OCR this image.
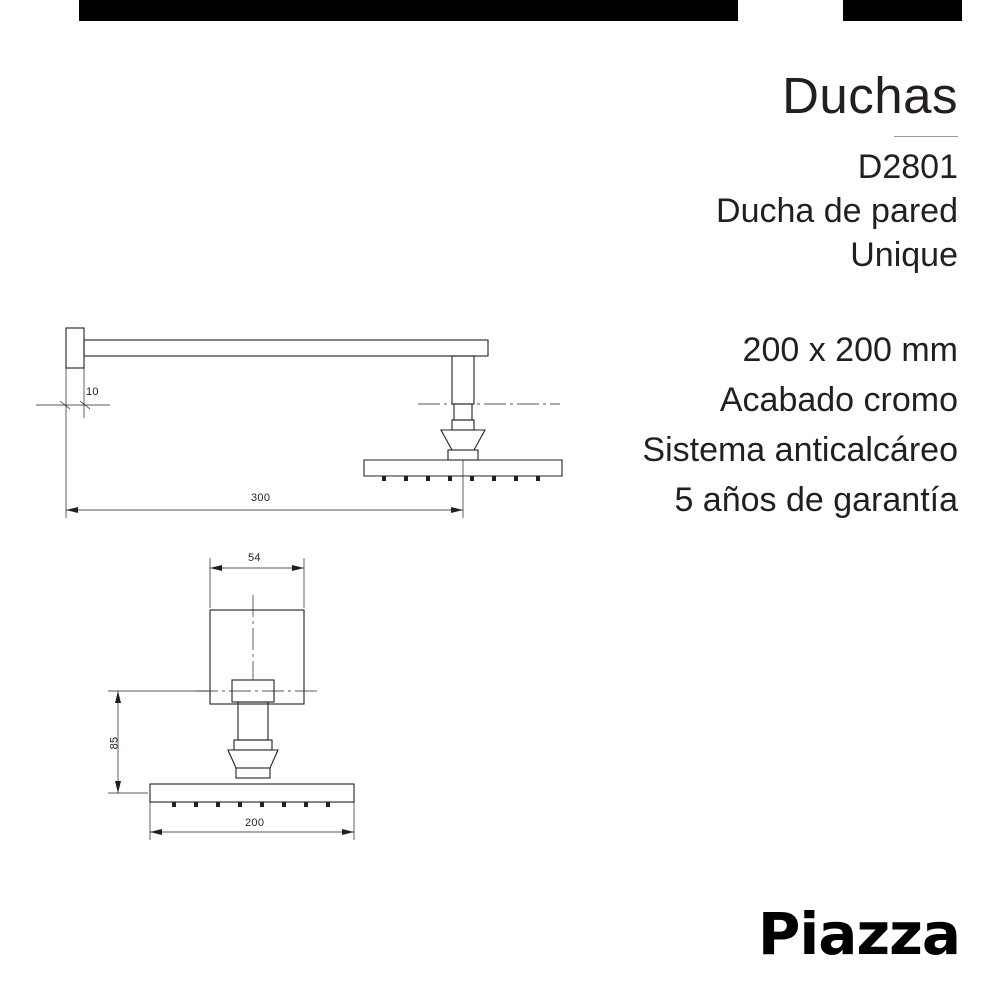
Duchas
D2801
Ducha de pared
Unique
200 x 200 mm
Acabado cromo
Sistema anticalcáreo
5 años de garantía
10
300
54
85
200
Piazza
